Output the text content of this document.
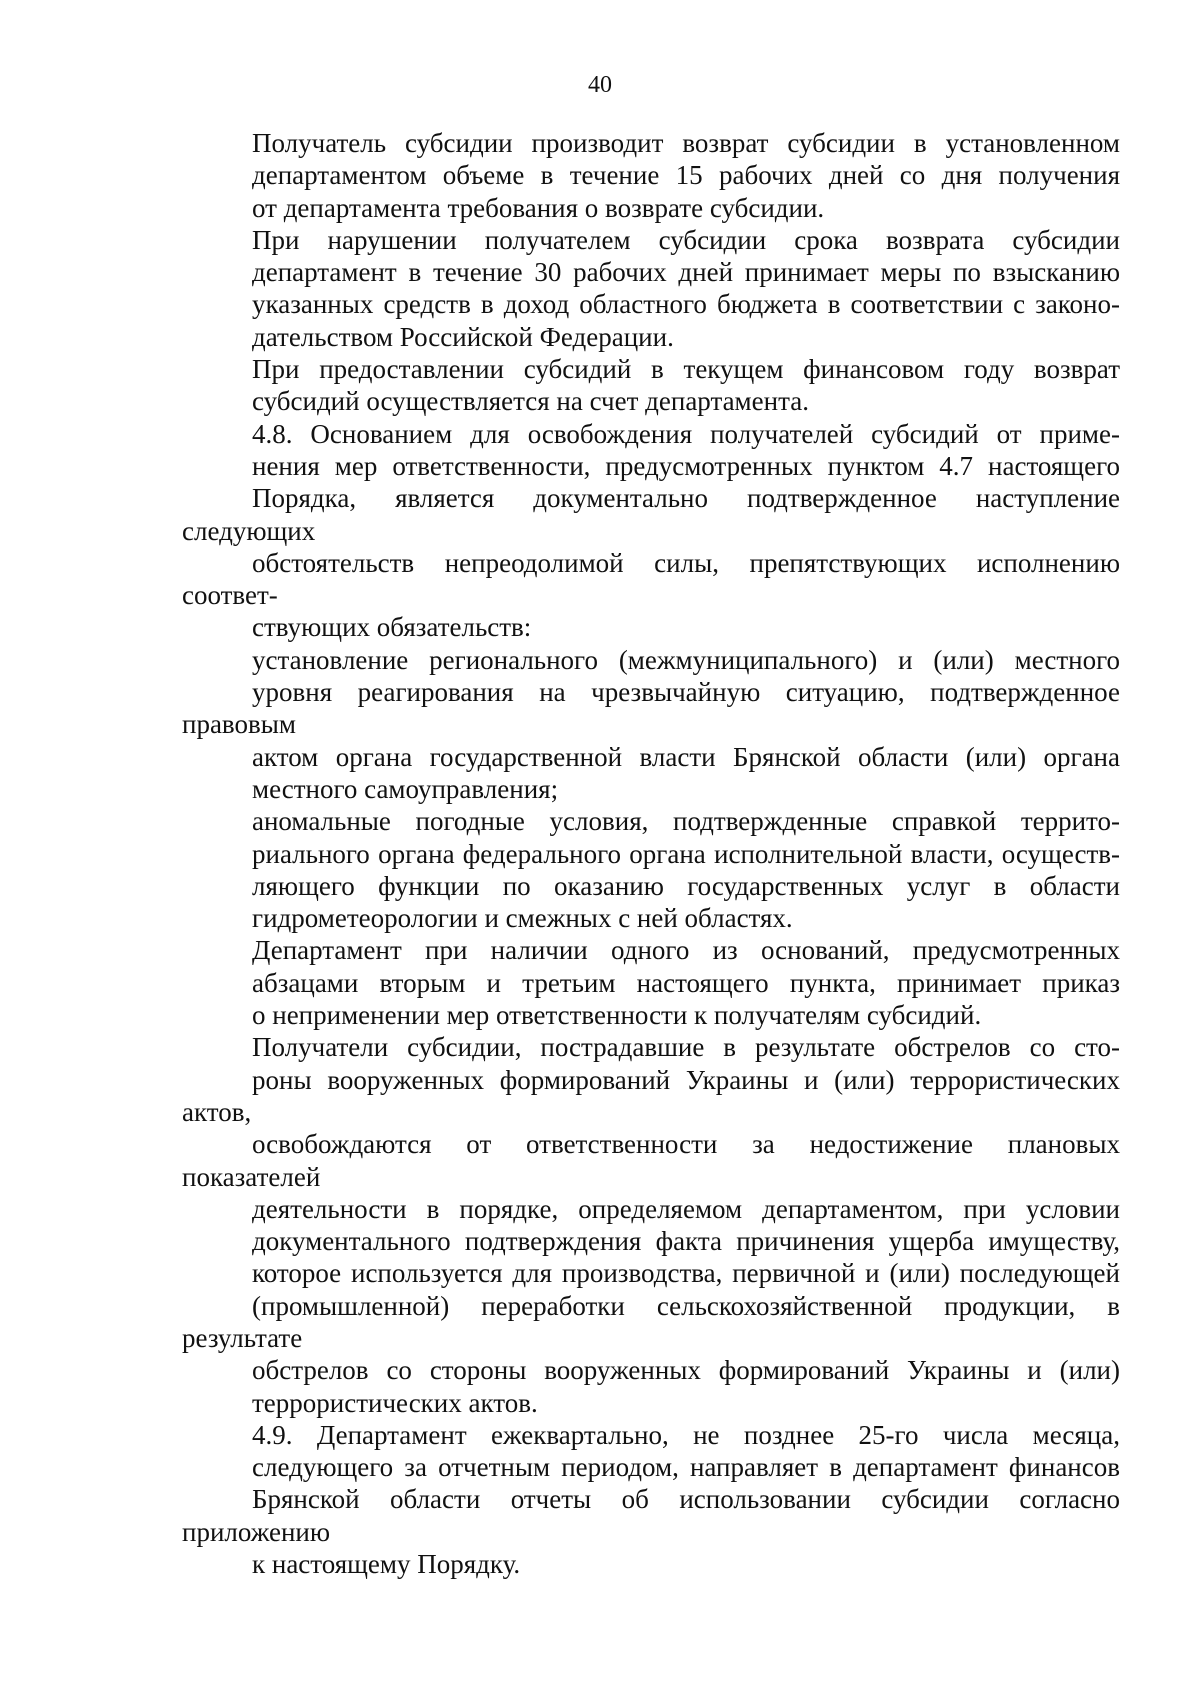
40

Получатель субсидии производит возврат субсидии в установленном
департаментом объеме в течение 15 рабочих дней со дня получения
от департамента требования о возврате субсидии.

При нарушении получателем субсидии срока возврата субсидии
департамент в течение 30 рабочих дней принимает меры по взысканию
указанных средств в доход областного бюджета в соответствии с законо-
дательством Российской Федерации.

При предоставлении субсидий в текущем финансовом году возврат
субсидий осуществляется на счет департамента.

4.8. Основанием для освобождения получателей субсидий от приме-
нения мер ответственности, предусмотренных пунктом 4.7 настоящего
Порядка, является документально подтвержденное наступление следующих
обстоятельств непреодолимой силы, препятствующих исполнению соответ-
ствующих обязательств:

установление регионального (межмуниципального) и (или) местного
уровня реагирования на чрезвычайную ситуацию, подтвержденное правовым
актом органа государственной власти Брянской области (или) органа
местного самоуправления;

аномальные погодные условия, подтвержденные справкой террито-
риального органа федерального органа исполнительной власти, осуществ-
ляющего функции по оказанию государственных услуг в области
гидрометеорологии и смежных с ней областях.

Департамент при наличии одного из оснований, предусмотренных
абзацами вторым и третьим настоящего пункта, принимает приказ
о неприменении мер ответственности к получателям субсидий.

Получатели субсидии, пострадавшие в результате обстрелов со сто-
роны вооруженных формирований Украины и (или) террористических актов,
освобождаются от ответственности за недостижение плановых показателей
деятельности в порядке, определяемом департаментом, при условии
документального подтверждения факта причинения ущерба имуществу,
которое используется для производства, первичной и (или) последующей
(промышленной) переработки сельскохозяйственной продукции, в результате
обстрелов со стороны вооруженных формирований Украины и (или)
террористических актов.

4.9. Департамент ежеквартально, не позднее 25-го числа месяца,
следующего за отчетным периодом, направляет в департамент финансов
Брянской области отчеты об использовании субсидии согласно приложению
к настоящему Порядку.
